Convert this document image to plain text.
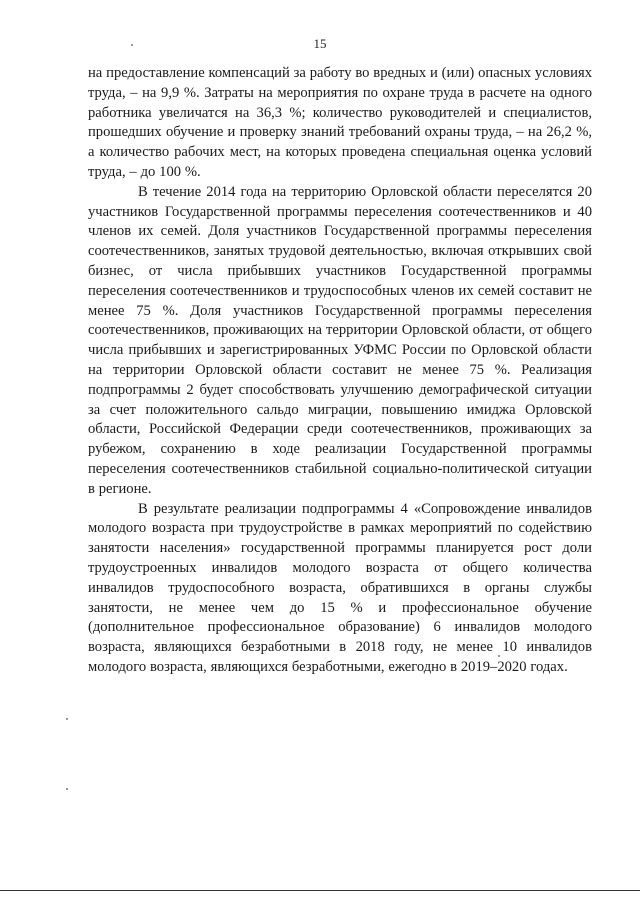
15

на предоставление компенсаций за работу во вредных и (или) опасных условиях труда, – на 9,9 %. Затраты на мероприятия по охране труда в расчете на одного работника увеличатся на 36,3 %; количество руководителей и специалистов, прошедших обучение и проверку знаний требований охраны труда, – на 26,2 %, а количество рабочих мест, на которых проведена специальная оценка условий труда, – до 100 %.

В течение 2014 года на территорию Орловской области переселятся 20 участников Государственной программы переселения соотечественников и 40 членов их семей. Доля участников Государственной программы переселения соотечественников, занятых трудовой деятельностью, включая открывших свой бизнес, от числа прибывших участников Государственной программы переселения соотечественников и трудоспособных членов их семей составит не менее 75 %. Доля участников Государственной программы переселения соотечественников, проживающих на территории Орловской области, от общего числа прибывших и зарегистрированных УФМС России по Орловской области на территории Орловской области составит не менее 75 %. Реализация подпрограммы 2 будет способствовать улучшению демографической ситуации за счет положительного сальдо миграции, повышению имиджа Орловской области, Российской Федерации среди соотечественников, проживающих за рубежом, сохранению в ходе реализации Государственной программы переселения соотечественников стабильной социально-политической ситуации в регионе.

В результате реализации подпрограммы 4 «Сопровождение инвалидов молодого возраста при трудоустройстве в рамках мероприятий по содействию занятости населения» государственной программы планируется рост доли трудоустроенных инвалидов молодого возраста от общего количества инвалидов трудоспособного возраста, обратившихся в органы службы занятости, не менее чем до 15 % и профессиональное обучение (дополнительное профессиональное образование) 6 инвалидов молодого возраста, являющихся безработными в 2018 году, не менее 10 инвалидов молодого возраста, являющихся безработными, ежегодно в 2019–2020 годах.
